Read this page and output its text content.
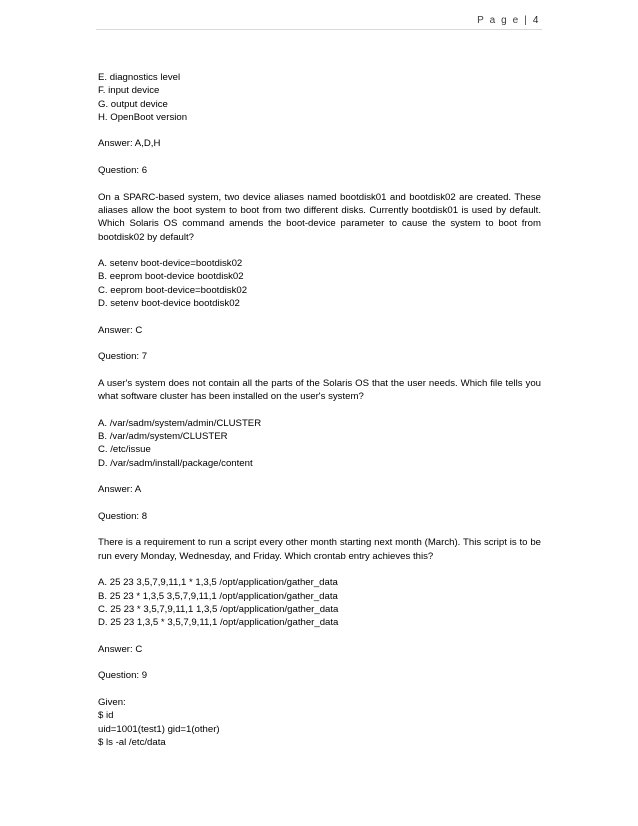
P a g e | 4
E. diagnostics level
F. input device
G. output device
H. OpenBoot version
Answer: A,D,H
Question: 6

On a SPARC-based system, two device aliases named bootdisk01 and bootdisk02 are created. These aliases allow the boot system to boot from two different disks. Currently bootdisk01 is used by default. Which Solaris OS command amends the boot-device parameter to cause the system to boot from bootdisk02 by default?

A. setenv boot-device=bootdisk02
B. eeprom boot-device bootdisk02
C. eeprom boot-device=bootdisk02
D. setenv boot-device bootdisk02
Answer: C
Question: 7

A user's system does not contain all the parts of the Solaris OS that the user needs. Which file tells you what software cluster has been installed on the user's system?

A. /var/sadm/system/admin/CLUSTER
B. /var/adm/system/CLUSTER
C. /etc/issue
D. /var/sadm/install/package/content
Answer: A
Question: 8

There is a requirement to run a script every other month starting next month (March). This script is to be run every Monday, Wednesday, and Friday. Which crontab entry achieves this?

A. 25 23 3,5,7,9,11,1 * 1,3,5 /opt/application/gather_data
B. 25 23 * 1,3,5 3,5,7,9,11,1 /opt/application/gather_data
C. 25 23 * 3,5,7,9,11,1 1,3,5 /opt/application/gather_data
D. 25 23 1,3,5 * 3,5,7,9,11,1 /opt/application/gather_data
Answer: C
Question: 9
Given:
$ id
uid=1001(test1) gid=1(other)
$ ls -al /etc/data
